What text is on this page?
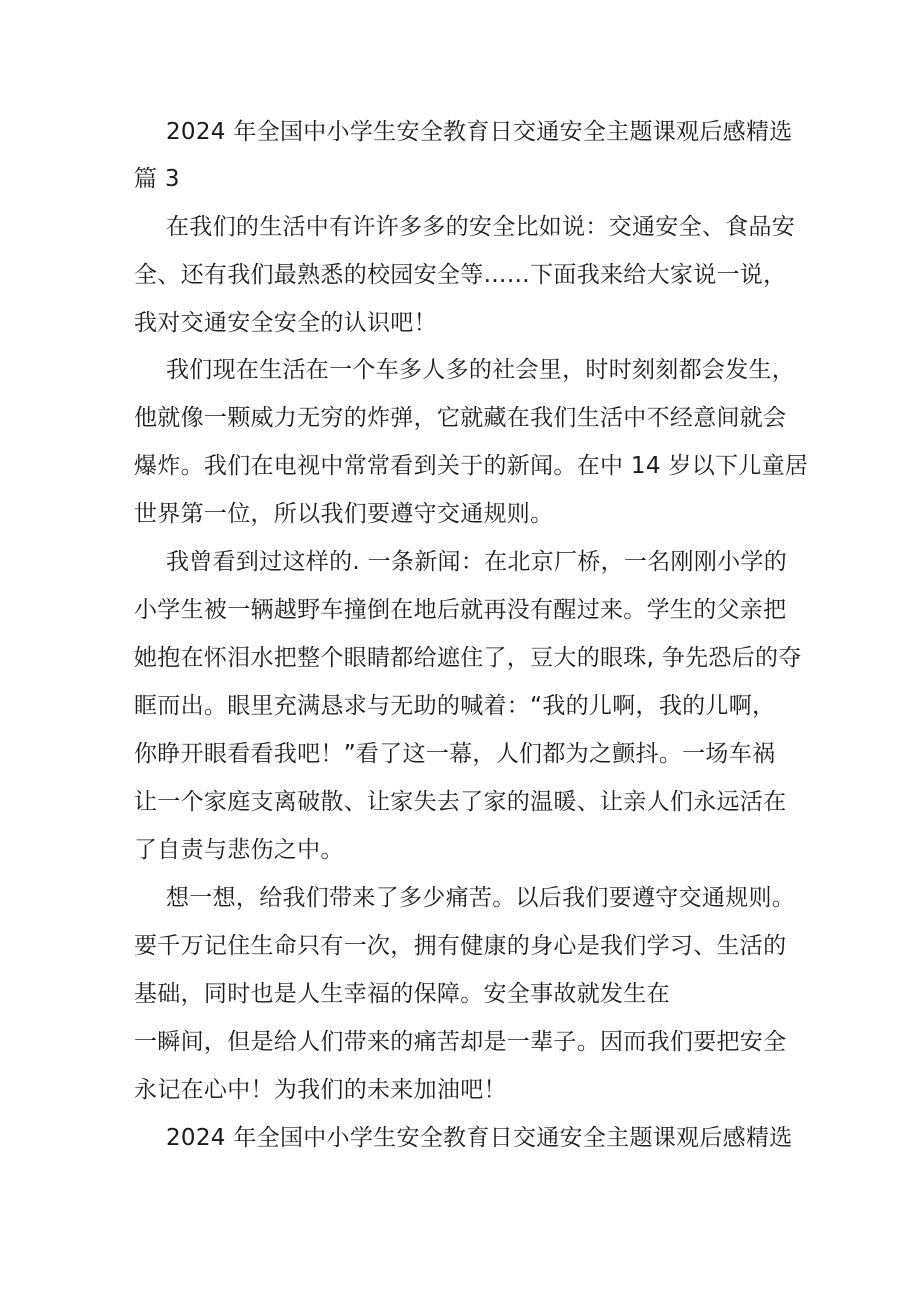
2024 年全国中小学生安全教育日交通安全主题课观后感精选

篇 3

在我们的生活中有许许多多的安全比如说：交通安全、食品安

全、还有我们最熟悉的校园安全等……下面我来给大家说一说，

我对交通安全安全的认识吧！

我们现在生活在一个车多人多的社会里，时时刻刻都会发生，

他就像一颗威力无穷的炸弹，它就藏在我们生活中不经意间就会

爆炸。我们在电视中常常看到关于的新闻。在中 14 岁以下儿童居

世界第一位，所以我们要遵守交通规则。

我曾看到过这样的. 一条新闻：在北京厂桥，一名刚刚小学的

小学生被一辆越野车撞倒在地后就再没有醒过来。学生的父亲把

她抱在怀泪水把整个眼睛都给遮住了，豆大的眼珠, 争先恐后的夺

眶而出。眼里充满恳求与无助的喊着：“我的儿啊，我的儿啊，

你睁开眼看看我吧！”看了这一幕，人们都为之颤抖。一场车祸

让一个家庭支离破散、让家失去了家的温暖、让亲人们永远活在

了自责与悲伤之中。

想一想，给我们带来了多少痛苦。以后我们要遵守交通规则。

要千万记住生命只有一次，拥有健康的身心是我们学习、生活的

基础，同时也是人生幸福的保障。安全事故就发生在

一瞬间，但是给人们带来的痛苦却是一辈子。因而我们要把安全

永记在心中！为我们的未来加油吧！

2024 年全国中小学生安全教育日交通安全主题课观后感精选
